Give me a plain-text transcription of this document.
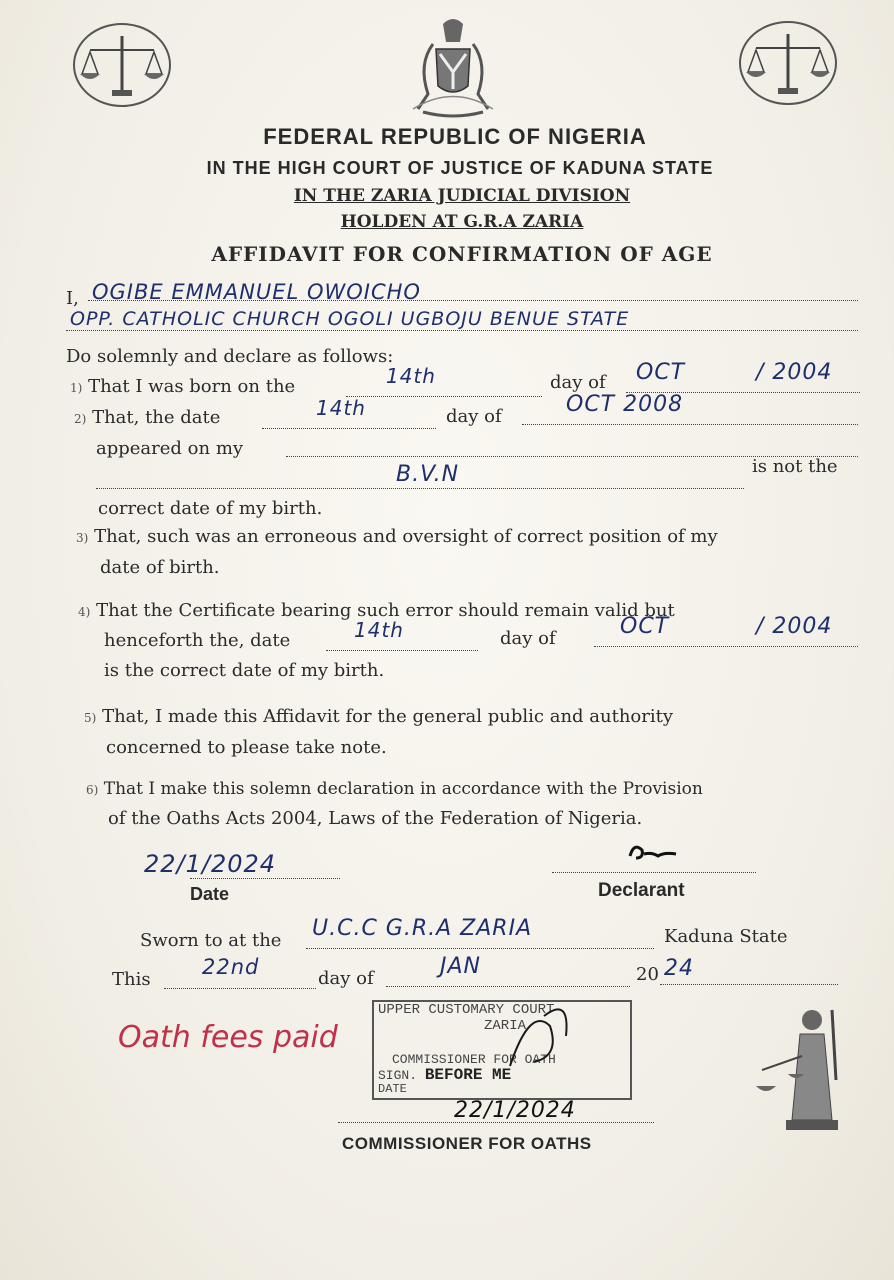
FEDERAL REPUBLIC OF NIGERIA
IN THE HIGH COURT OF JUSTICE OF KADUNA STATE
IN THE ZARIA JUDICIAL DIVISION
HOLDEN AT G.R.A ZARIA
AFFIDAVIT FOR CONFIRMATION OF AGE
I, OGIBE EMMANUEL OWOICHO
OPP. CATHOLIC CHURCH OGOLI UGBOJU BENUE STATE
Do solemnly and declare as follows:
1) That I was born on the	14th	day of OCT	/ 2004
2) That, the date	14th	day of	OCT 2008
appeared on my
B.V.N	is not the
correct date of my birth.
3) That, such was an erroneous and oversight of correct position of my
date of birth.
4) That the Certificate bearing such error should remain valid but
henceforth the, date	14th	day of	OCT	/ 2004
is the correct date of my birth.
5) That, I made this Affidavit for the general public and authority
concerned to please take note.
6) That I make this solemn declaration in accordance with the Provision
of the Oaths Acts 2004, Laws of the Federation of Nigeria.
22/1/2024
Date	Declarant
Sworn to at the U.C.C G.R.A ZARIA	Kaduna State
This
22nd	day of	JAN	20 24
UPPER CUSTOMARY COURT
ZARIA
COMMISSIONER FOR OATH
SIGN. BEFORE ME
DATE
Oath fees paid
22/1/2024
COMMISSIONER FOR OATHS
